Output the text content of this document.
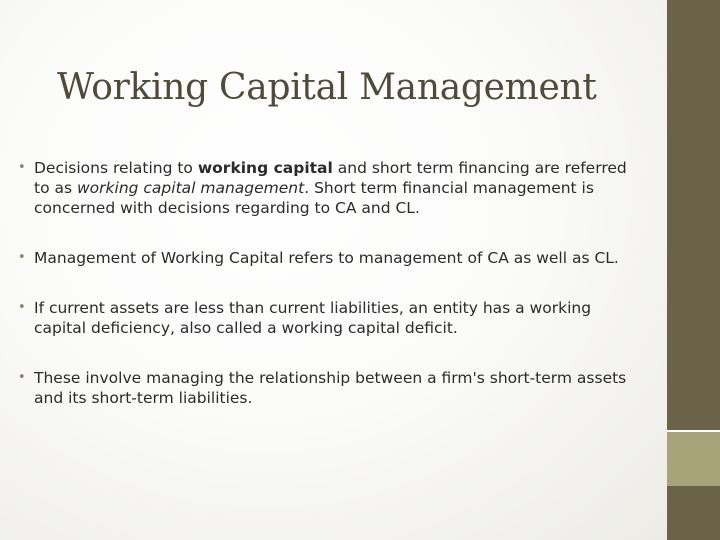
Working Capital Management
• Decisions relating to working capital and short term financing are referred to as working capital management. Short term financial management is concerned with decisions regarding to CA and CL.
• Management of Working Capital refers to management of CA as well as CL.
• If current assets are less than current liabilities, an entity has a working capital deficiency, also called a working capital deficit.
• These involve managing the relationship between a firm's short-term assets and its short-term liabilities.
